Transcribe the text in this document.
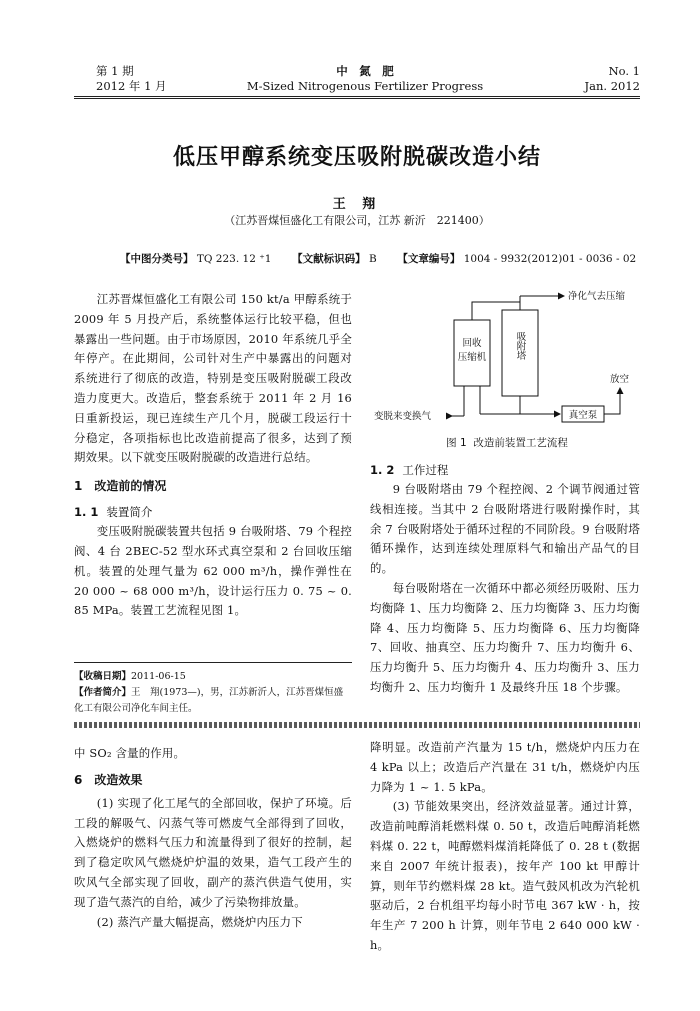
第 1 期
2012 年 1 月
中　氮　肥
M-Sized Nitrogenous Fertilizer Progress
No. 1
Jan. 2012
低压甲醇系统变压吸附脱碳改造小结
王 翔
（江苏晋煤恒盛化工有限公司，江苏 新沂　221400）
【中图分类号】 TQ 223. 12 ⁺1 【文献标识码】 B 【文章编号】 1004 - 9932(2012)01 - 0036 - 02

江苏晋煤恒盛化工有限公司 150 kt/a 甲醇系统于 2009 年 5 月投产后，系统整体运行比较平稳，但也暴露出一些问题。由于市场原因，2010 年系统几乎全年停产。在此期间，公司针对生产中暴露出的问题对系统进行了彻底的改造，特别是变压吸附脱碳工段改造力度更大。改造后，整套系统于 2011 年 2 月 16 日重新投运，现已连续生产几个月，脱碳工段运行十分稳定，各项指标也比改造前提高了很多，达到了预期效果。以下就变压吸附脱碳的改造进行总结。

1　改造前的情况
1. 1 装置简介

变压吸附脱碳装置共包括 9 台吸附塔、79 个程控阀、4 台 2BEC-52 型水环式真空泵和 2 台回收压缩机。装置的处理气量为 62 000 m³/h，操作弹性在 20 000 ~ 68 000 m³/h，设计运行压力 0. 75 ~ 0. 85 MPa。装置工艺流程见图 1。

【收稿日期】2011-06-15
【作者简介】王　翔(1973—)，男，江苏新沂人，江苏晋煤恒盛化工有限公司净化车间主任。
回收
压缩机	吸附塔
净化气去压缩
放空
变脱来变换气	真空泵
图 1 改造前装置工艺流程
1. 2 工作过程

9 台吸附塔由 79 个程控阀、2 个调节阀通过管线相连接。当其中 2 台吸附塔进行吸附操作时，其余 7 台吸附塔处于循环过程的不同阶段。9 台吸附塔循环操作，达到连续处理原料气和输出产品气的目的。

每台吸附塔在一次循环中都必须经历吸附、压力均衡降 1、压力均衡降 2、压力均衡降 3、压力均衡降 4、压力均衡降 5、压力均衡降 6、压力均衡降 7、回收、抽真空、压力均衡升 7、压力均衡升 6、压力均衡升 5、压力均衡升 4、压力均衡升 3、压力均衡升 2、压力均衡升 1 及最终升压 18 个步骤。

中 SO₂ 含量的作用。

6　改造效果

(1) 实现了化工尾气的全部回收，保护了环境。后工段的解吸气、闪蒸气等可燃废气全部得到了回收，入燃烧炉的燃料气压力和流量得到了很好的控制，起到了稳定吹风气燃烧炉炉温的效果，造气工段产生的吹风气全部实现了回收，副产的蒸汽供造气使用，实现了造气蒸汽的自给，减少了污染物排放量。

(2) 蒸汽产量大幅提高，燃烧炉内压力下

降明显。改造前产汽量为 15 t/h，燃烧炉内压力在 4 kPa 以上；改造后产汽量在 31 t/h，燃烧炉内压力降为 1 ~ 1. 5 kPa。

(3) 节能效果突出，经济效益显著。通过计算，改造前吨醇消耗燃料煤 0. 50 t，改造后吨醇消耗燃料煤 0. 22 t，吨醇燃料煤消耗降低了 0. 28 t (数据来自 2007 年统计报表)，按年产 100 kt 甲醇计算，则年节约燃料煤 28 kt。造气鼓风机改为汽轮机驱动后，2 台机组平均每小时节电 367 kW · h，按年生产 7 200 h 计算，则年节电 2 640 000 kW · h。
